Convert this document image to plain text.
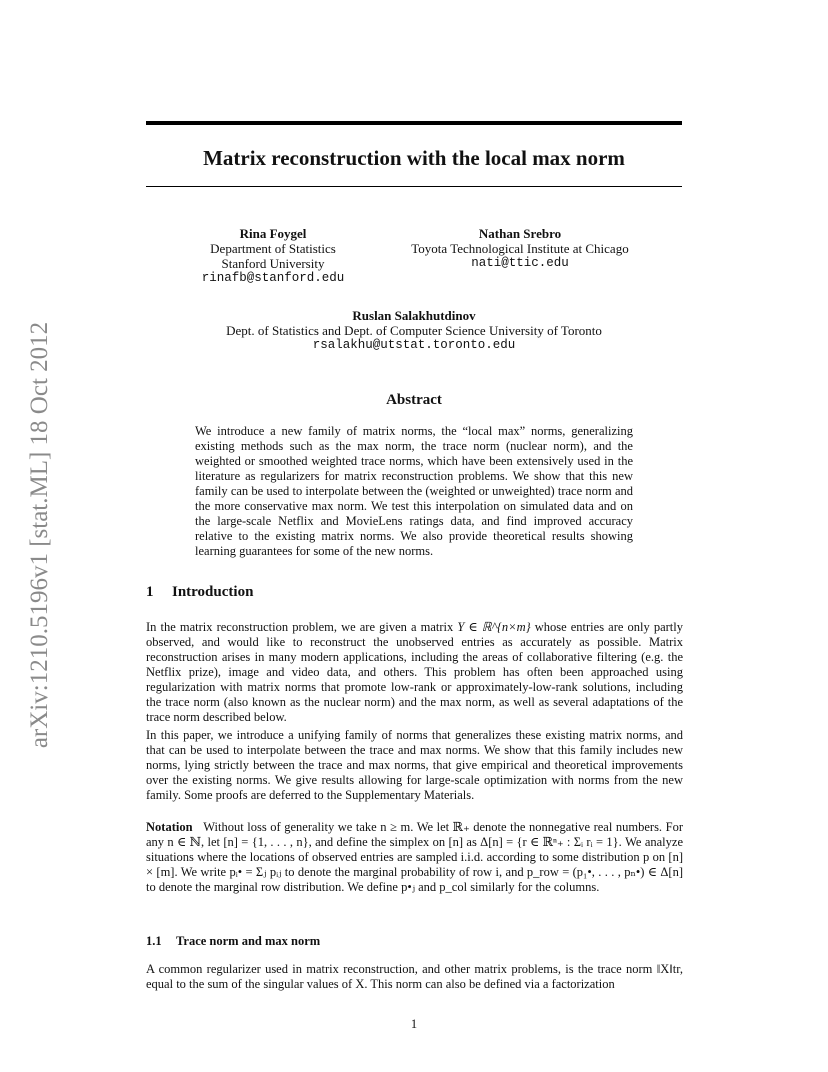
arXiv:1210.5196v1 [stat.ML] 18 Oct 2012
Matrix reconstruction with the local max norm
Rina Foygel
Department of Statistics
Stanford University
rinafb@stanford.edu
Nathan Srebro
Toyota Technological Institute at Chicago
nati@ttic.edu
Ruslan Salakhutdinov
Dept. of Statistics and Dept. of Computer Science University of Toronto
rsalakhu@utstat.toronto.edu
Abstract
We introduce a new family of matrix norms, the “local max” norms, generalizing existing methods such as the max norm, the trace norm (nuclear norm), and the weighted or smoothed weighted trace norms, which have been extensively used in the literature as regularizers for matrix reconstruction problems. We show that this new family can be used to interpolate between the (weighted or unweighted) trace norm and the more conservative max norm. We test this interpolation on simulated data and on the large-scale Netflix and MovieLens ratings data, and find improved accuracy relative to the existing matrix norms. We also provide theoretical results showing learning guarantees for some of the new norms.
1 Introduction
In the matrix reconstruction problem, we are given a matrix Y ∈ ℝ^{n×m} whose entries are only partly observed, and would like to reconstruct the unobserved entries as accurately as possible. Matrix reconstruction arises in many modern applications, including the areas of collaborative filtering (e.g. the Netflix prize), image and video data, and others. This problem has often been approached using regularization with matrix norms that promote low-rank or approximately-low-rank solutions, including the trace norm (also known as the nuclear norm) and the max norm, as well as several adaptations of the trace norm described below.
In this paper, we introduce a unifying family of norms that generalizes these existing matrix norms, and that can be used to interpolate between the trace and max norms. We show that this family includes new norms, lying strictly between the trace and max norms, that give empirical and theoretical improvements over the existing norms. We give results allowing for large-scale optimization with norms from the new family. Some proofs are deferred to the Supplementary Materials.
Notation Without loss of generality we take n ≥ m. We let ℝ₊ denote the nonnegative real numbers. For any n ∈ ℕ, let [n] = {1, . . . , n}, and define the simplex on [n] as Δ[n] = {r ∈ ℝⁿ₊ : Σᵢ rᵢ = 1}. We analyze situations where the locations of observed entries are sampled i.i.d. according to some distribution p on [n] × [m]. We write pᵢ• = Σⱼ pᵢⱼ to denote the marginal probability of row i, and p_row = (p₁•, . . . , pₙ•) ∈ Δ[n] to denote the marginal row distribution. We define p•ⱼ and p_col similarly for the columns.
1.1 Trace norm and max norm
A common regularizer used in matrix reconstruction, and other matrix problems, is the trace norm ‖X‖tr, equal to the sum of the singular values of X. This norm can also be defined via a factorization
1
